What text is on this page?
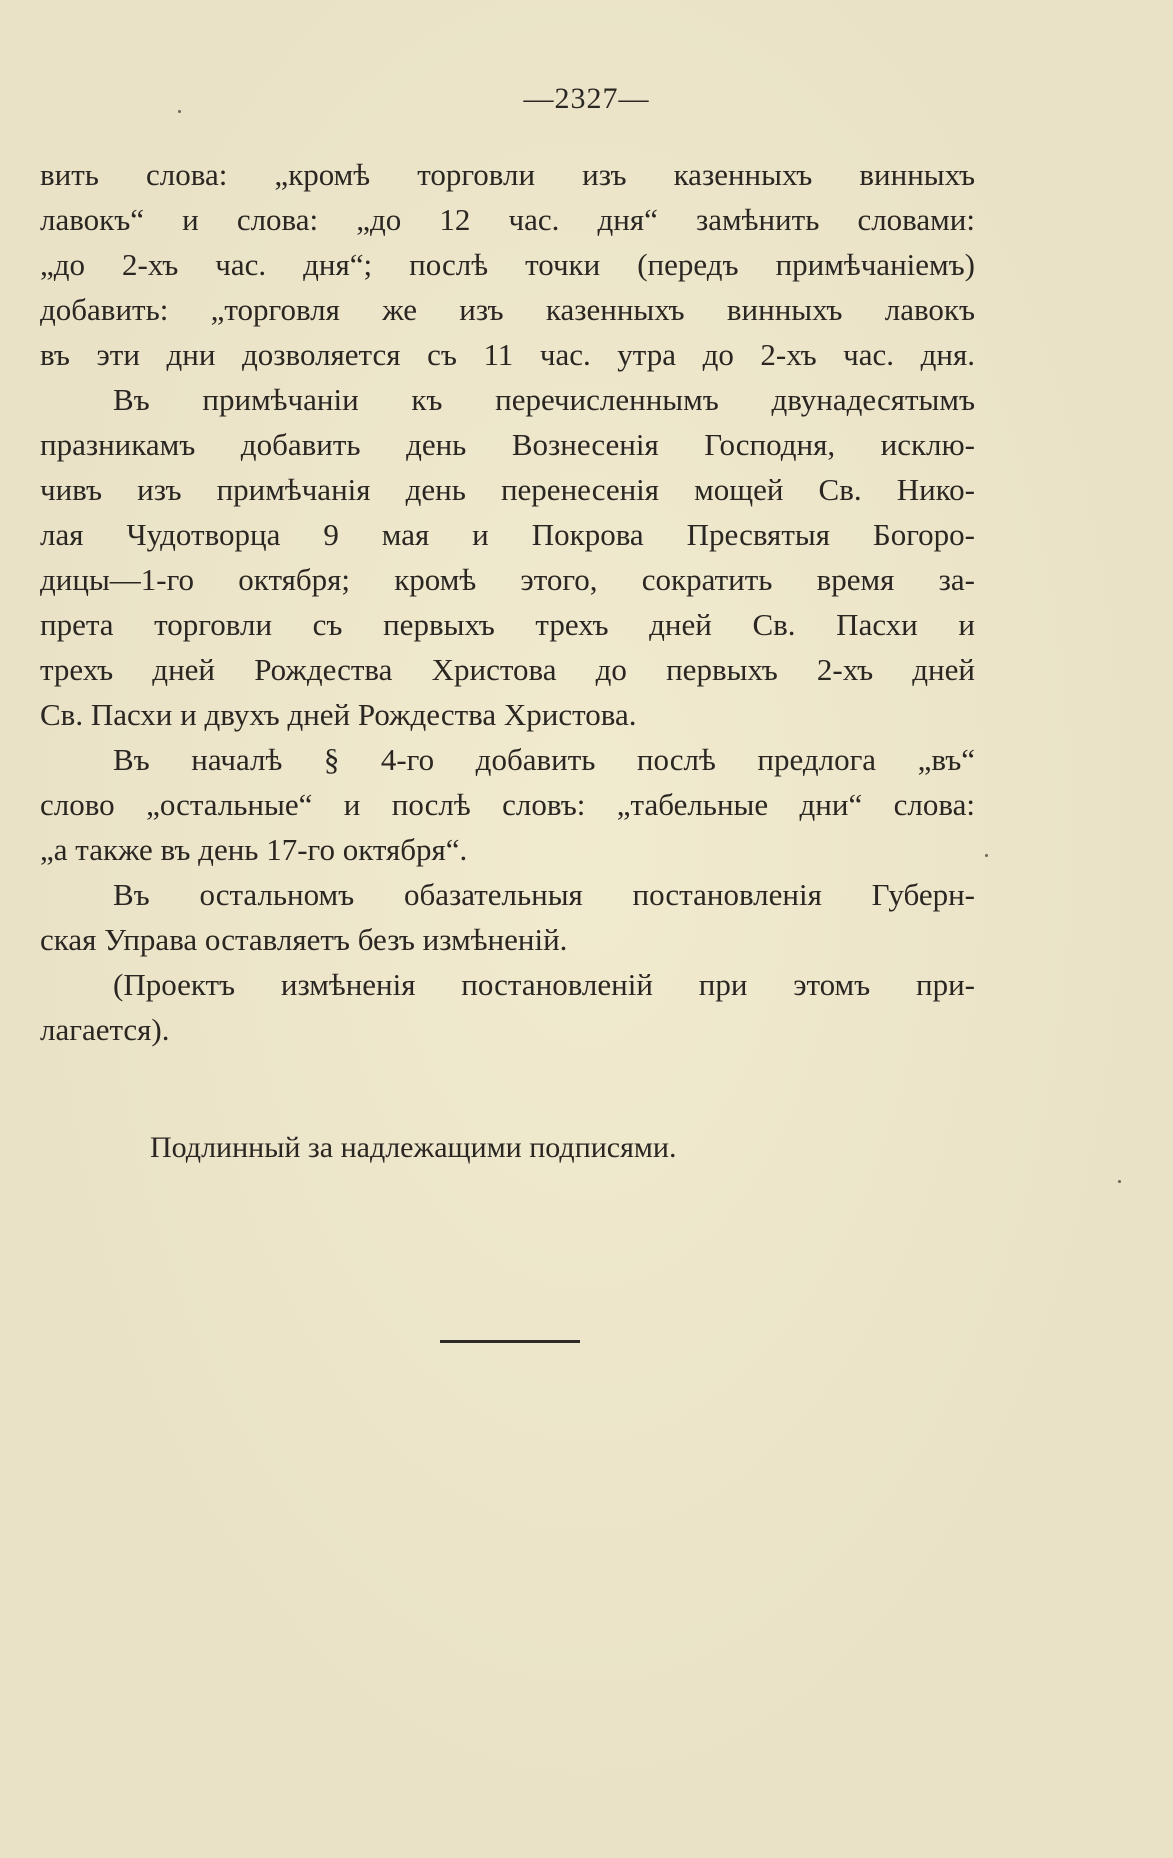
—2327—
вить слова: „кромѣ торговли изъ казенныхъ винныхъ
лавокъ“ и слова: „до 12 час. дня“ замѣнить словами:
„до 2-хъ час. дня“; послѣ точки (передъ примѣчаніемъ)
добавить: „торговля же изъ казенныхъ винныхъ лавокъ
въ эти дни дозволяется съ 11 час. утра до 2-хъ час. дня.
Въ примѣчаніи къ перечисленнымъ двунадесятымъ
празникамъ добавить день Вознесенія Господня, исклю-
чивъ изъ примѣчанія день перенесенія мощей Св. Нико-
лая Чудотворца 9 мая и Покрова Пресвятыя Богоро-
дицы—1-го октября; кромѣ этого, сократить время за-
прета торговли съ первыхъ трехъ дней Св. Пасхи и
трехъ дней Рождества Христова до первыхъ 2-хъ дней
Св. Пасхи и двухъ дней Рождества Христова.
Въ началѣ § 4-го добавить послѣ предлога „въ“
слово „остальные“ и послѣ словъ: „табельные дни“ слова:
„а также въ день 17-го октября“.
Въ остальномъ обазательныя постановленія Губерн-
ская Управа оставляетъ безъ измѣненій.
(Проектъ измѣненія постановленій при этомъ при-
лагается).
Подлинный за надлежащими подписями.
